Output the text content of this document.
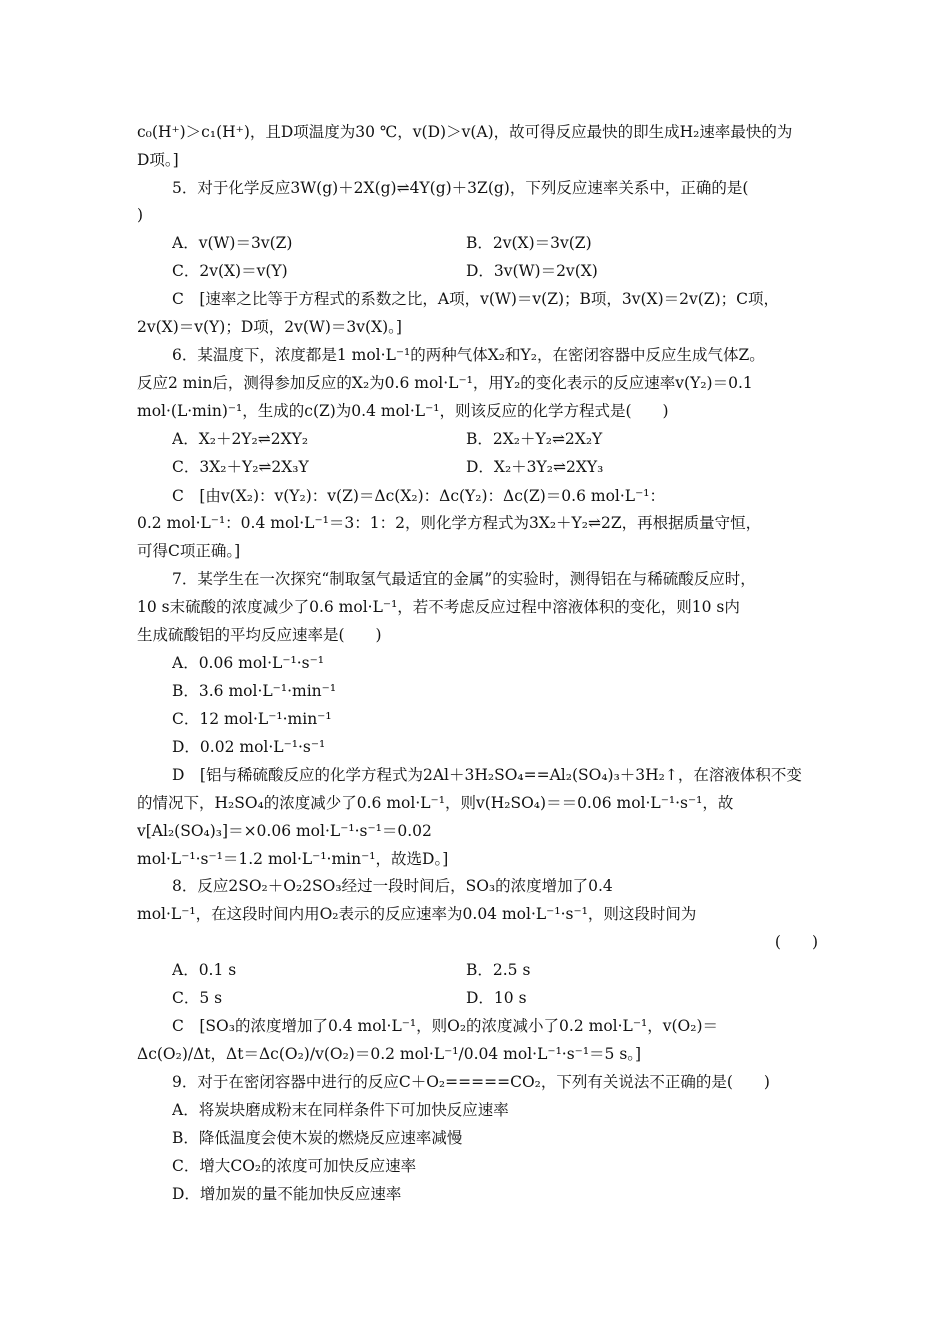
c₀(H⁺)＞c₁(H⁺)，且D项温度为30 ℃，v(D)＞v(A)，故可得反应最快的即生成H₂速率最快的为
D项。]
5．对于化学反应3W(g)＋2X(g)⇌4Y(g)＋3Z(g)，下列反应速率关系中，正确的是(
)
A．v(W)＝3v(Z)	B．2v(X)＝3v(Z)
C．2v(X)＝v(Y)	D．3v(W)＝2v(X)
C　[速率之比等于方程式的系数之比，A项，v(W)＝v(Z)；B项，3v(X)＝2v(Z)；C项，
2v(X)＝v(Y)；D项，2v(W)＝3v(X)。]
6．某温度下，浓度都是1 mol·L⁻¹的两种气体X₂和Y₂，在密闭容器中反应生成气体Z。
反应2 min后，测得参加反应的X₂为0.6 mol·L⁻¹，用Y₂的变化表示的反应速率v(Y₂)＝0.1
mol·(L·min)⁻¹，生成的c(Z)为0.4 mol·L⁻¹，则该反应的化学方程式是(　　)
A．X₂＋2Y₂⇌2XY₂	B．2X₂＋Y₂⇌2X₂Y
C．3X₂＋Y₂⇌2X₃Y	D．X₂＋3Y₂⇌2XY₃
C　[由v(X₂)：v(Y₂)：v(Z)＝Δc(X₂)：Δc(Y₂)：Δc(Z)＝0.6 mol·L⁻¹：
0.2 mol·L⁻¹：0.4 mol·L⁻¹＝3：1：2，则化学方程式为3X₂＋Y₂⇌2Z，再根据质量守恒，
可得C项正确。]
7．某学生在一次探究“制取氢气最适宜的金属”的实验时，测得铝在与稀硫酸反应时，
10 s末硫酸的浓度减少了0.6 mol·L⁻¹，若不考虑反应过程中溶液体积的变化，则10 s内
生成硫酸铝的平均反应速率是(　　)
A．0.06 mol·L⁻¹·s⁻¹
B．3.6 mol·L⁻¹·min⁻¹
C．12 mol·L⁻¹·min⁻¹
D．0.02 mol·L⁻¹·s⁻¹
D　[铝与稀硫酸反应的化学方程式为2Al＋3H₂SO₄==Al₂(SO₄)₃＋3H₂↑，在溶液体积不变
的情况下，H₂SO₄的浓度减少了0.6 mol·L⁻¹，则v(H₂SO₄)＝＝0.06 mol·L⁻¹·s⁻¹，故
v[Al₂(SO₄)₃]＝×0.06 mol·L⁻¹·s⁻¹＝0.02
mol·L⁻¹·s⁻¹＝1.2 mol·L⁻¹·min⁻¹，故选D。]
8．反应2SO₂＋O₂2SO₃经过一段时间后，SO₃的浓度增加了0.4
mol·L⁻¹，在这段时间内用O₂表示的反应速率为0.04 mol·L⁻¹·s⁻¹，则这段时间为
(　　)
A．0.1 s	B．2.5 s
C．5 s	D．10 s
C　[SO₃的浓度增加了0.4 mol·L⁻¹，则O₂的浓度减小了0.2 mol·L⁻¹，v(O₂)＝
Δc(O₂)/Δt，Δt＝Δc(O₂)/v(O₂)＝0.2 mol·L⁻¹/0.04 mol·L⁻¹·s⁻¹＝5 s。]
9．对于在密闭容器中进行的反应C＋O₂=====CO₂，下列有关说法不正确的是(　　)
A．将炭块磨成粉末在同样条件下可加快反应速率
B．降低温度会使木炭的燃烧反应速率减慢
C．增大CO₂的浓度可加快反应速率
D．增加炭的量不能加快反应速率
